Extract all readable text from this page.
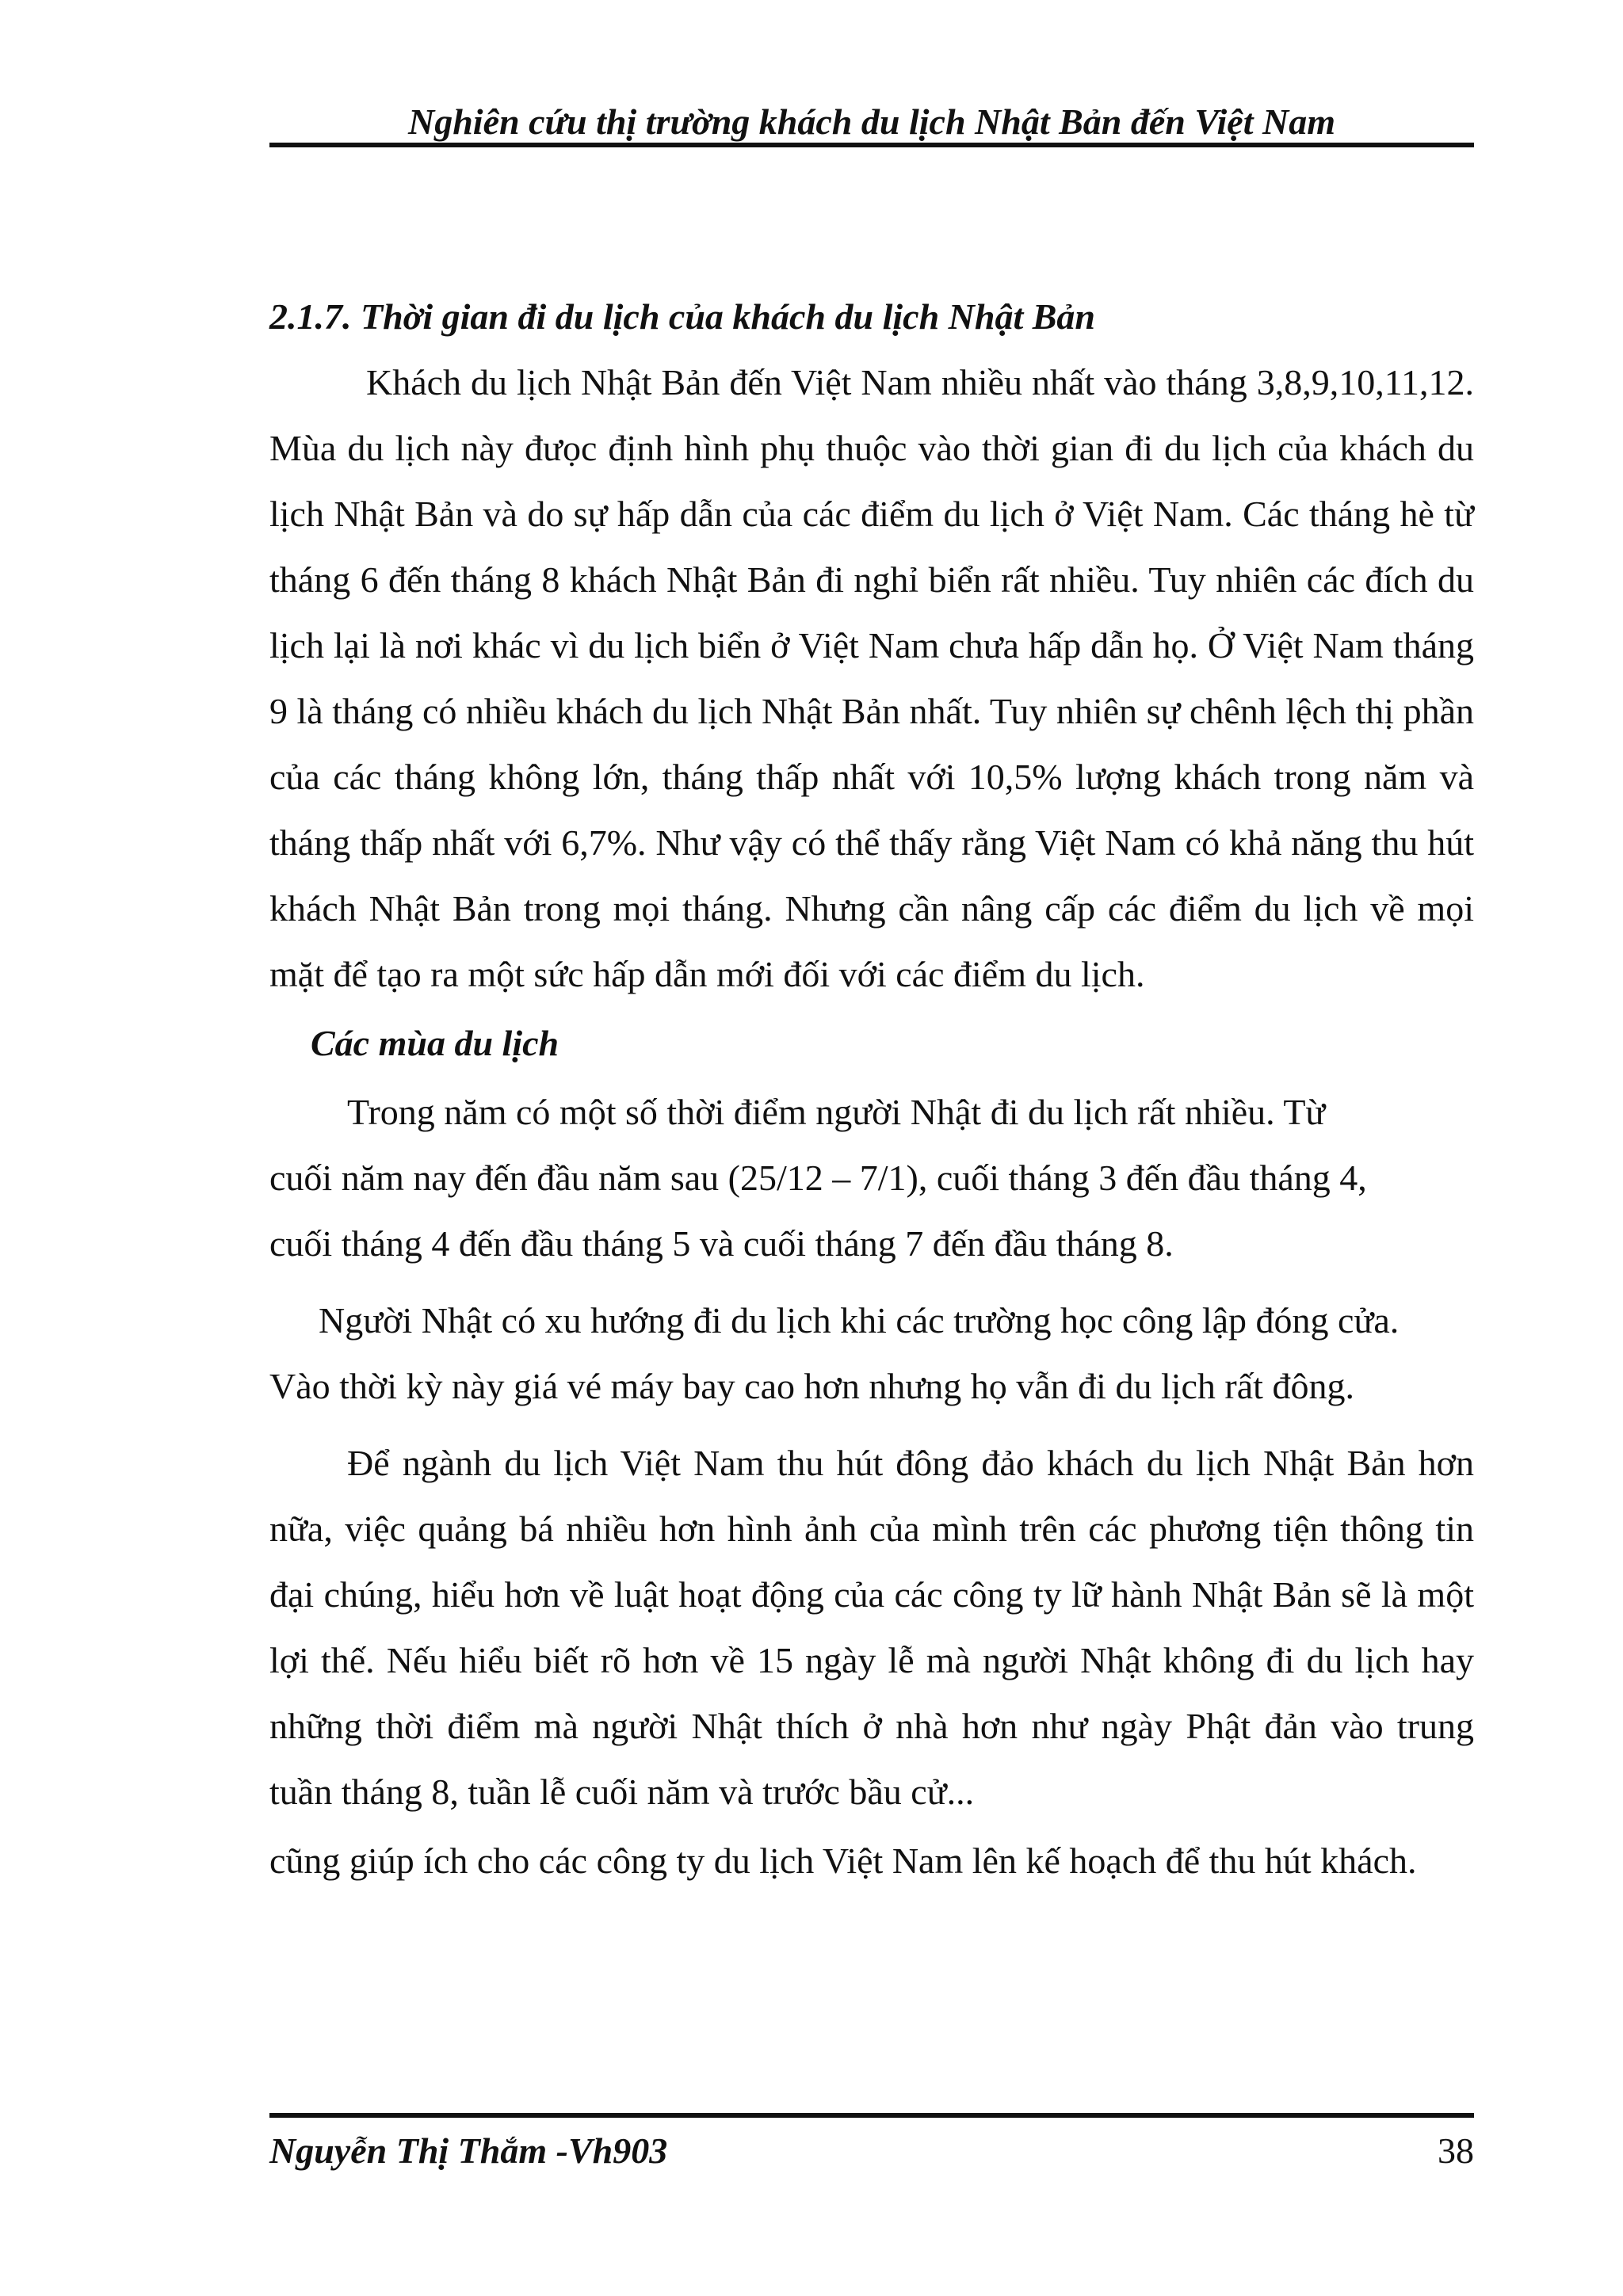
Nghiên cứu thị trường khách du lịch Nhật Bản đến Việt Nam

2.1.7. Thời gian đi du lịch của khách du lịch Nhật Bản

Khách du lịch Nhật Bản đến Việt Nam nhiều nhất vào tháng 3,8,9,10,11,12. Mùa du lịch này đưọc định hình phụ thuộc vào thời gian đi du lịch của khách du lịch Nhật Bản và do sự hấp dẫn của các điểm du lịch ở Việt Nam. Các tháng hè từ tháng 6 đến tháng 8 khách Nhật Bản đi nghỉ biển rất nhiều. Tuy nhiên các đích du lịch lại là nơi khác vì du lịch biển ở Việt Nam chưa hấp dẫn họ. Ở Việt Nam tháng 9 là tháng có nhiều khách du lịch Nhật Bản nhất. Tuy nhiên sự chênh lệch thị phần của các tháng không lớn, tháng thấp nhất với 10,5% lượng khách trong năm và tháng thấp nhất với 6,7%. Như vậy có thể thấy rằng Việt Nam có khả năng thu hút khách Nhật Bản trong mọi tháng. Nhưng cần nâng cấp các điểm du lịch về mọi mặt để tạo ra một sức hấp dẫn mới đối với các điểm du lịch.

Các mùa du lịch

Trong năm có một số thời điểm người Nhật đi du lịch rất nhiều. Từ
cuối năm nay đến đầu năm sau (25/12 – 7/1), cuối tháng 3 đến đầu tháng 4,
cuối tháng 4 đến đầu tháng 5 và cuối tháng 7 đến đầu tháng 8.

Người Nhật có xu hướng đi du lịch khi các trường học công lập đóng cửa.
Vào thời kỳ này giá vé máy bay cao hơn nhưng họ vẫn đi du lịch rất đông.

Để ngành du lịch Việt Nam thu hút đông đảo khách du lịch Nhật Bản hơn nữa, việc quảng bá nhiều hơn hình ảnh của mình trên các phương tiện thông tin đại chúng, hiểu hơn về luật hoạt động của các công ty lữ hành Nhật Bản sẽ là một lợi thế. Nếu hiểu biết rõ hơn về 15 ngày lễ mà người Nhật không đi du lịch hay những thời điểm mà người Nhật thích ở nhà hơn như ngày Phật đản vào trung tuần tháng 8, tuần lễ cuối năm và trước bầu cử...

cũng giúp ích cho các công ty du lịch Việt Nam lên kế hoạch để thu hút khách.

Nguyễn Thị Thắm -Vh903	38
